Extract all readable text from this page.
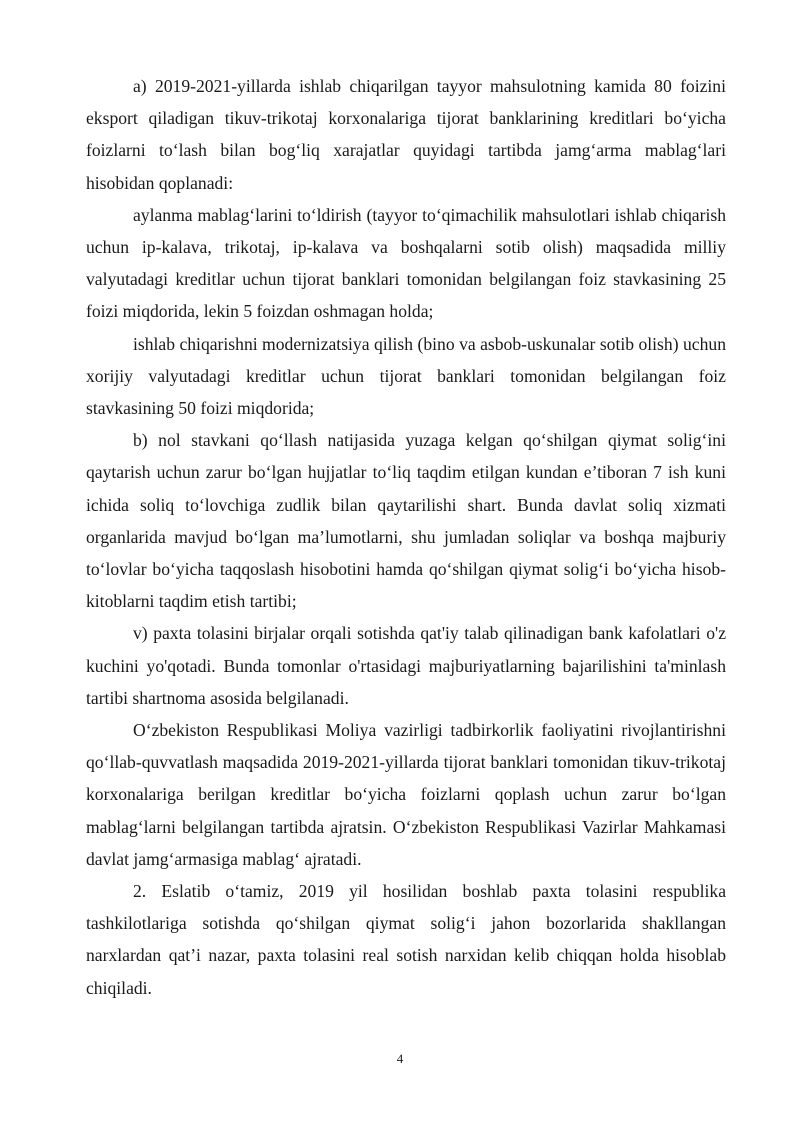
a) 2019-2021-yillarda ishlab chiqarilgan tayyor mahsulotning kamida 80 foizini eksport qiladigan tikuv-trikotaj korxonalariga tijorat banklarining kreditlari bo‘yicha foizlarni to‘lash bilan bog‘liq xarajatlar quyidagi tartibda jamg‘arma mablag‘lari hisobidan qoplanadi:

aylanma mablag‘larini to‘ldirish (tayyor to‘qimachilik mahsulotlari ishlab chiqarish uchun ip-kalava, trikotaj, ip-kalava va boshqalarni sotib olish) maqsadida milliy valyutadagi kreditlar uchun tijorat banklari tomonidan belgilangan foiz stavkasining 25 foizi miqdorida, lekin 5 foizdan oshmagan holda;

ishlab chiqarishni modernizatsiya qilish (bino va asbob-uskunalar sotib olish) uchun xorijiy valyutadagi kreditlar uchun tijorat banklari tomonidan belgilangan foiz stavkasining 50 foizi miqdorida;

b) nol stavkani qo‘llash natijasida yuzaga kelgan qo‘shilgan qiymat solig‘ini qaytarish uchun zarur bo‘lgan hujjatlar to‘liq taqdim etilgan kundan e’tiboran 7 ish kuni ichida soliq to‘lovchiga zudlik bilan qaytarilishi shart. Bunda davlat soliq xizmati organlarida mavjud bo‘lgan ma’lumotlarni, shu jumladan soliqlar va boshqa majburiy to‘lovlar bo‘yicha taqqoslash hisobotini hamda qo‘shilgan qiymat solig‘i bo‘yicha hisob-kitoblarni taqdim etish tartibi;

v) paxta tolasini birjalar orqali sotishda qat'iy talab qilinadigan bank kafolatlari o'z kuchini yo'qotadi. Bunda tomonlar o'rtasidagi majburiyatlarning bajarilishini ta'minlash tartibi shartnoma asosida belgilanadi.

O‘zbekiston Respublikasi Moliya vazirligi tadbirkorlik faoliyatini rivojlantirishni qo‘llab-quvvatlash maqsadida 2019-2021-yillarda tijorat banklari tomonidan tikuv-trikotaj korxonalariga berilgan kreditlar bo‘yicha foizlarni qoplash uchun zarur bo‘lgan mablag‘larni belgilangan tartibda ajratsin. O‘zbekiston Respublikasi Vazirlar Mahkamasi davlat jamg‘armasiga mablag‘ ajratadi.

2. Eslatib o‘tamiz, 2019 yil hosilidan boshlab paxta tolasini respublika tashkilotlariga sotishda qo‘shilgan qiymat solig‘i jahon bozorlarida shakllangan narxlardan qat’i nazar, paxta tolasini real sotish narxidan kelib chiqqan holda hisoblab chiqiladi.

4
